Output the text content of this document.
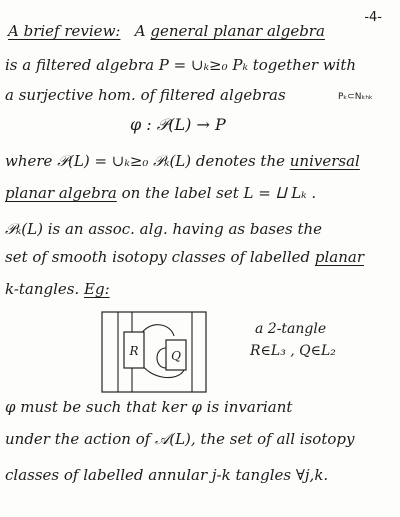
-4-
A brief review:   A general planar algebra
is a filtered algebra P = ∪ₖ≥₀ Pₖ together with
a surjective hom. of filtered algebras	Pₖ⊂Nₖₕₖ
φ : 𝒫(L) → P
where 𝒫(L) = ∪ₖ≥₀ 𝒫ₖ(L) denotes the universal
planar algebra on the label set L = ⨿ Lₖ .
𝒫ₖ(L) is an assoc. alg. having as bases the
set of smooth isotopy classes of labelled planar
k-tangles. Eg:
R	Q
a 2-tangle
R∈L₃ , Q∈L₂
φ must be such that ker φ is invariant
under the action of 𝒜(L), the set of all isotopy
classes of labelled annular j-k tangles ∀j,k.
